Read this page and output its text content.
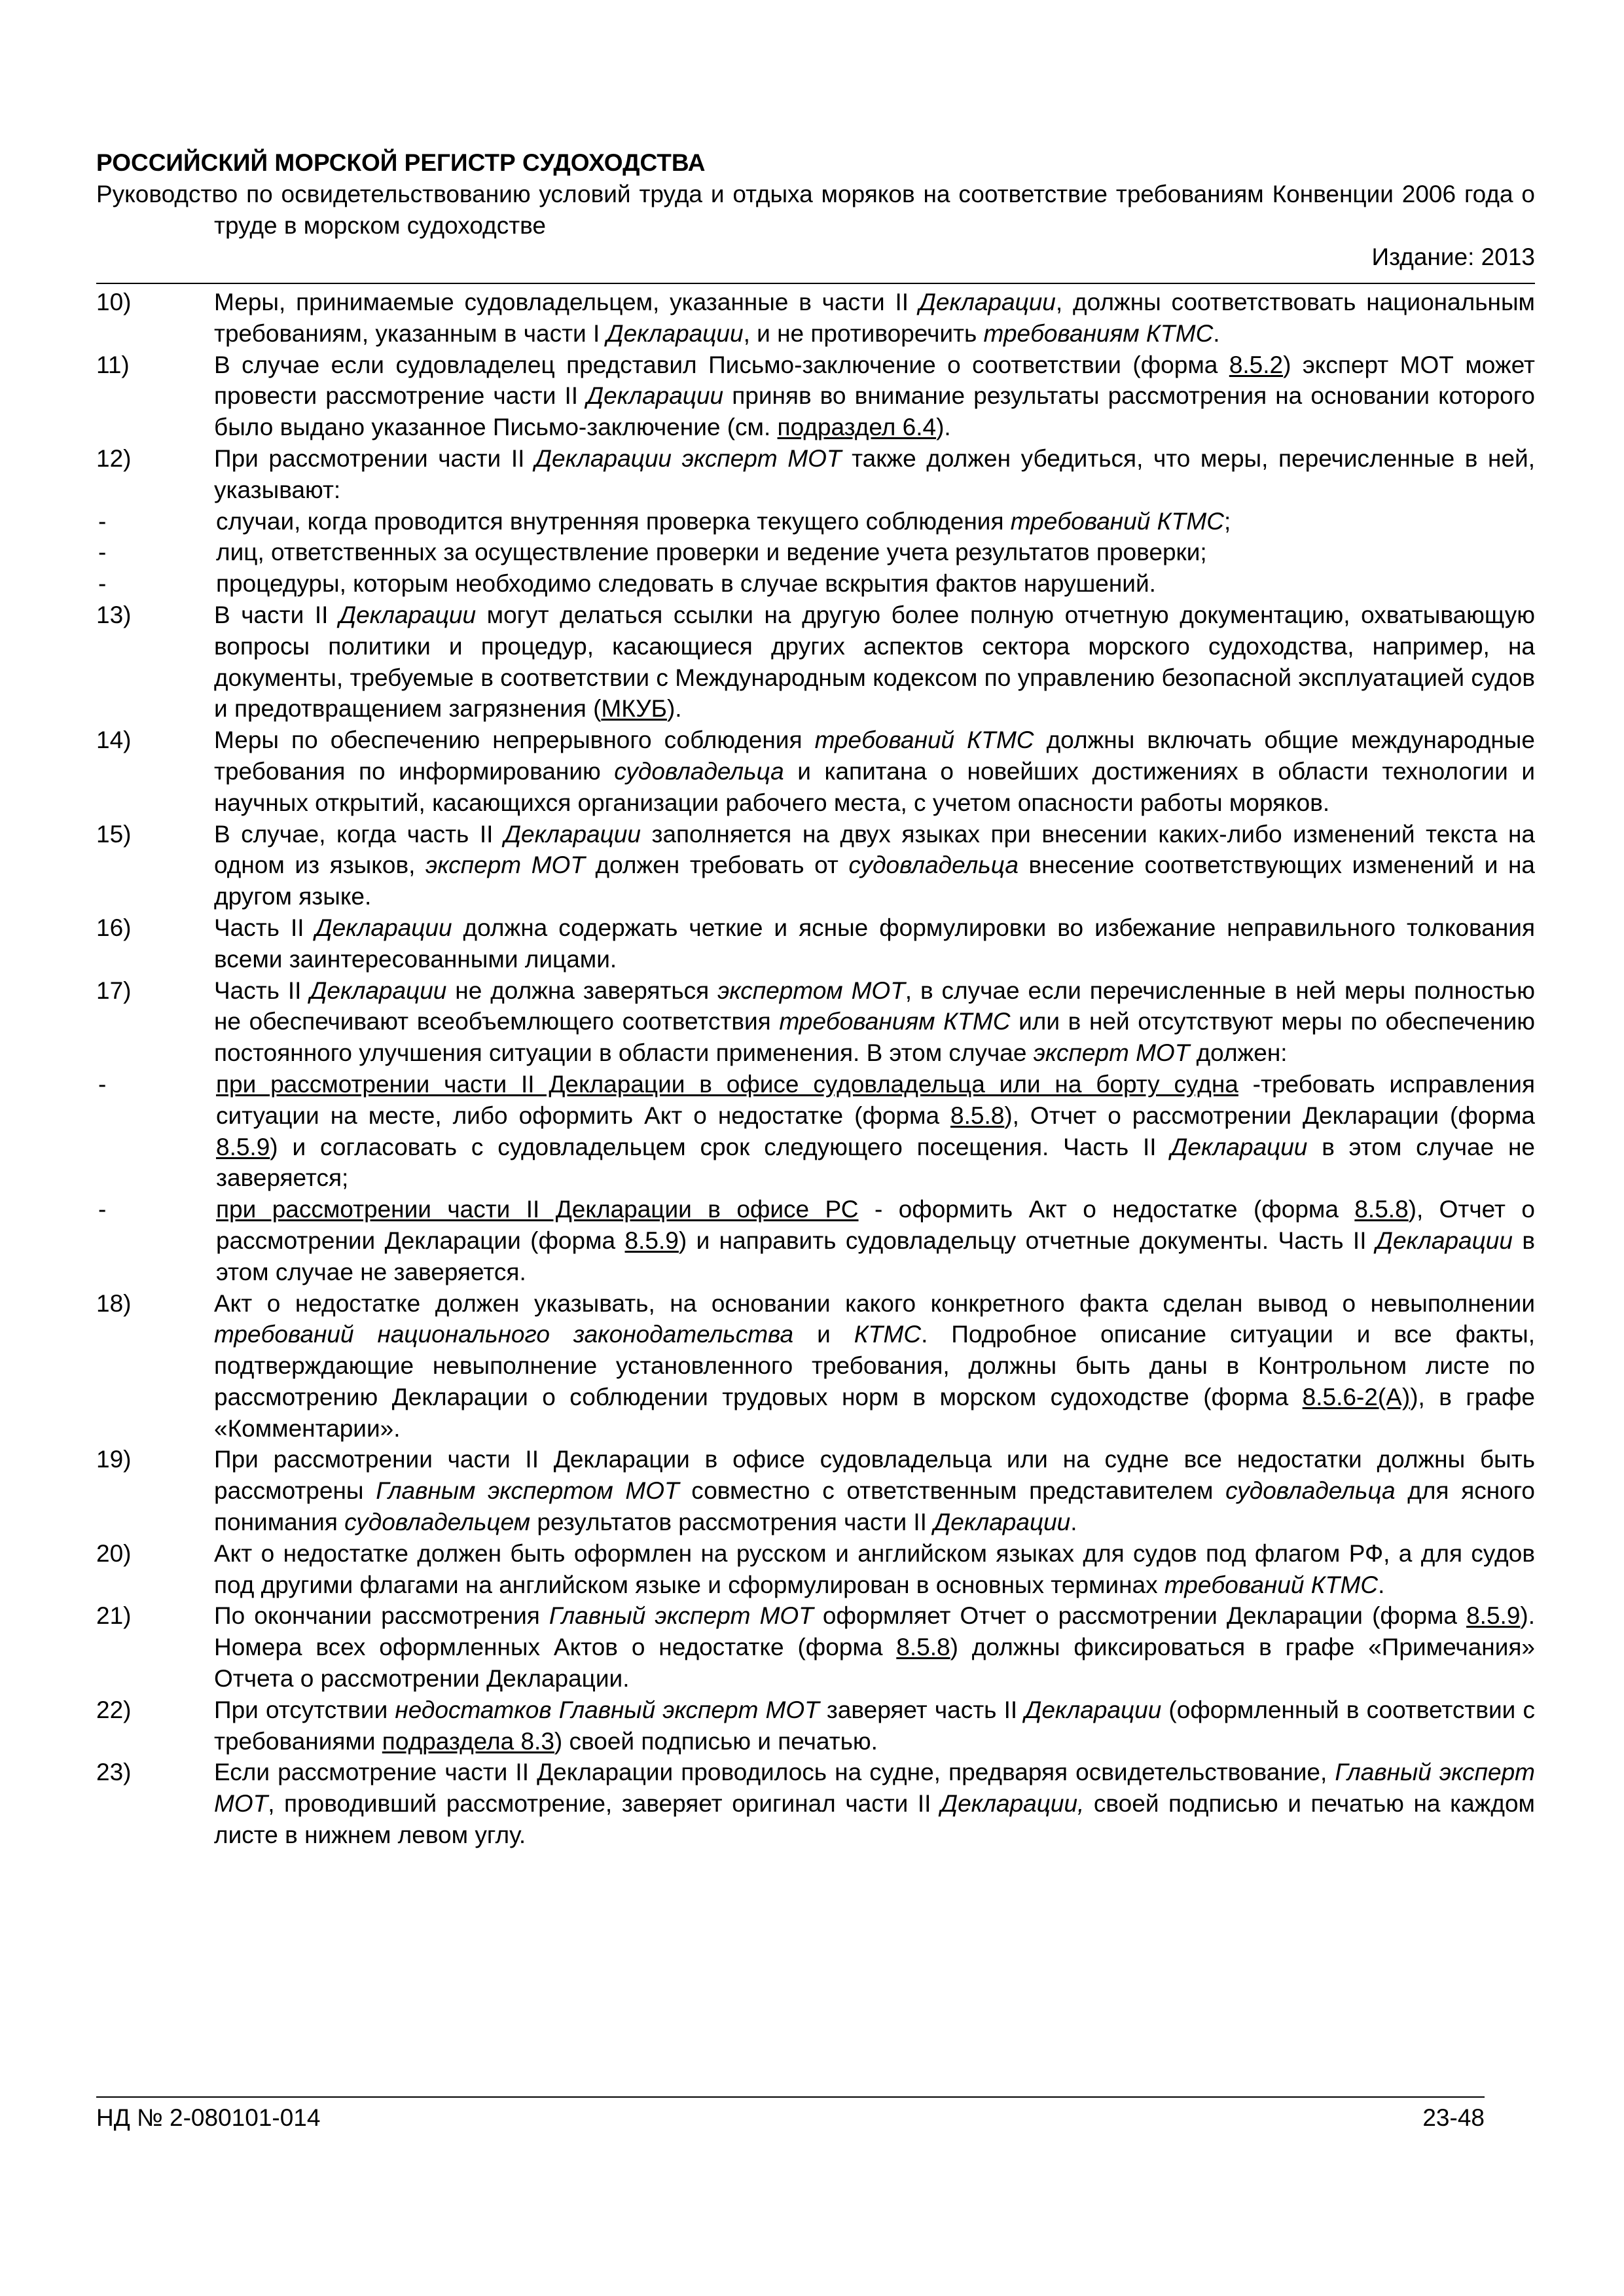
РОССИЙСКИЙ МОРСКОЙ РЕГИСТР СУДОХОДСТВА
Руководство по освидетельствованию условий труда и отдыха моряков на соответствие требованиям Конвенции 2006 года о труде в морском судоходстве
Издание: 2013
10)	Меры, принимаемые судовладельцем, указанные в части II Декларации, должны соответствовать национальным требованиям, указанным в части I Декларации, и не противоречить требованиям КТМС.
11)	В случае если судовладелец представил Письмо-заключение о соответствии (форма 8.5.2) эксперт МОТ может провести рассмотрение части II Декларации приняв во внимание результаты рассмотрения на основании которого было выдано указанное Письмо-заключение (см. подраздел 6.4).
12)	При рассмотрении части II Декларации эксперт МОТ также должен убедиться, что меры, перечисленные в ней, указывают:
-	случаи, когда проводится внутренняя проверка текущего соблюдения требований КТМС;
-	лиц, ответственных за осуществление проверки и ведение учета результатов проверки;
-	процедуры, которым необходимо следовать в случае вскрытия фактов нарушений.
13)	В части II Декларации могут делаться ссылки на другую более полную отчетную документацию, охватывающую вопросы политики и процедур, касающиеся других аспектов сектора морского судоходства, например, на документы, требуемые в соответствии с Международным кодексом по управлению безопасной эксплуатацией судов и предотвращением загрязнения (МКУБ).
14)	Меры по обеспечению непрерывного соблюдения требований КТМС должны включать общие международные требования по информированию судовладельца и капитана о новейших достижениях в области технологии и научных открытий, касающихся организации рабочего места, с учетом опасности работы моряков.
15)	В случае, когда часть II Декларации заполняется на двух языках при внесении каких-либо изменений текста на одном из языков, эксперт МОТ должен требовать от судовладельца внесение соответствующих изменений и на другом языке.
16)	Часть II Декларации должна содержать четкие и ясные формулировки во избежание неправильного толкования всеми заинтересованными лицами.
17)	Часть II Декларации не должна заверяться экспертом МОТ, в случае если перечисленные в ней меры полностью не обеспечивают всеобъемлющего соответствия требованиям КТМС или в ней отсутствуют меры по обеспечению постоянного улучшения ситуации в области применения. В этом случае эксперт МОТ должен:
-	при рассмотрении части II Декларации в офисе судовладельца или на борту судна -требовать исправления ситуации на месте, либо оформить Акт о недостатке (форма 8.5.8), Отчет о рассмотрении Декларации (форма 8.5.9) и согласовать с судовладельцем срок следующего посещения. Часть II Декларации в этом случае не заверяется;
-	при рассмотрении части II Декларации в офисе РС - оформить Акт о недостатке (форма 8.5.8), Отчет о рассмотрении Декларации (форма 8.5.9) и направить судовладельцу отчетные документы. Часть II Декларации в этом случае не заверяется.
18)	Акт о недостатке должен указывать, на основании какого конкретного факта сделан вывод о невыполнении требований национального законодательства и КТМС. Подробное описание ситуации и все факты, подтверждающие невыполнение установленного требования, должны быть даны в Контрольном листе по рассмотрению Декларации о соблюдении трудовых норм в морском судоходстве (форма 8.5.6-2(A)), в графе «Комментарии».
19)	При рассмотрении части II Декларации в офисе судовладельца или на судне все недостатки должны быть рассмотрены Главным экспертом МОТ совместно с ответственным представителем судовладельца для ясного понимания судовладельцем результатов рассмотрения части II Декларации.
20)	Акт о недостатке должен быть оформлен на русском и английском языках для судов под флагом РФ, а для судов под другими флагами на английском языке и сформулирован в основных терминах требований КТМС.
21)	По окончании рассмотрения Главный эксперт МОТ оформляет Отчет о рассмотрении Декларации (форма 8.5.9). Номера всех оформленных Актов о недостатке (форма 8.5.8) должны фиксироваться в графе «Примечания» Отчета о рассмотрении Декларации.
22)	При отсутствии недостатков Главный эксперт МОТ заверяет часть II Декларации (оформленный в соответствии с требованиями подраздела 8.3) своей подписью и печатью.
23)	Если рассмотрение части II Декларации проводилось на судне, предваряя освидетельствование, Главный эксперт МОТ, проводивший рассмотрение, заверяет оригинал части II Декларации, своей подписью и печатью на каждом листе в нижнем левом углу.
НД № 2-080101-014	23-48
